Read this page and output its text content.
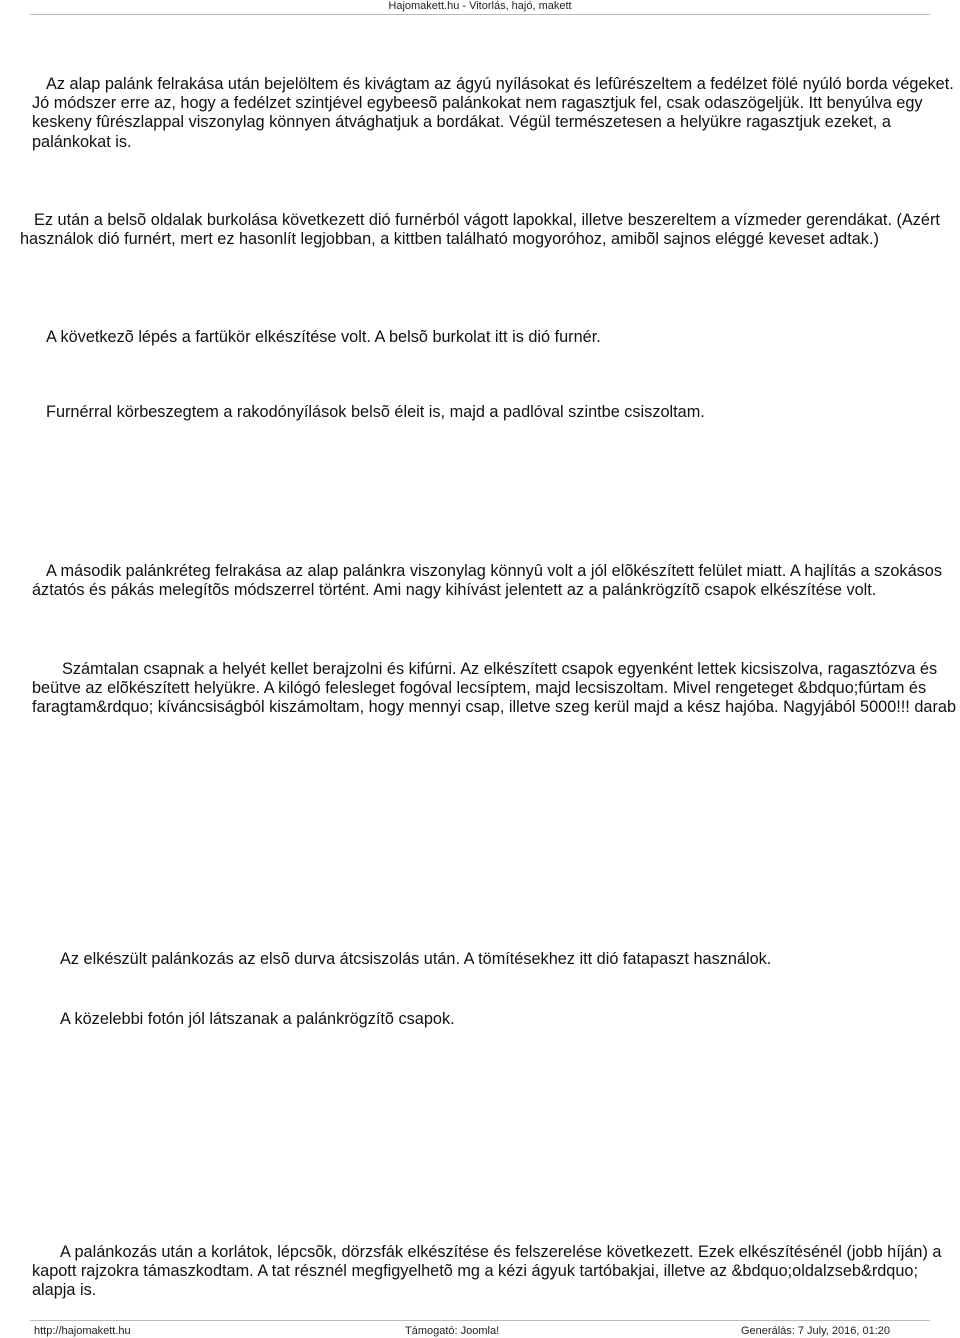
Hajomakett.hu - Vitorlás, hajó, makett

Az alap palánk felrakása után bejelöltem és kivágtam az ágyú nyílásokat és lefûrészeltem a fedélzet fölé nyúló borda végeket. Jó módszer erre az, hogy a fedélzet szintjével egybeesõ palánkokat nem ragasztjuk fel, csak odaszögeljük. Itt benyúlva egy keskeny fûrészlappal viszonylag könnyen átvághatjuk a bordákat. Végül természetesen a helyükre ragasztjuk ezeket, a palánkokat is.

Ez után a belsõ oldalak burkolása következett dió furnérból vágott lapokkal, illetve beszereltem a vízmeder gerendákat. (Azért használok dió furnért, mert ez hasonlít legjobban, a kittben található mogyoróhoz, amibõl sajnos eléggé keveset adtak.)

A következõ lépés a fartükör elkészítése volt. A belsõ burkolat itt is dió furnér.

Furnérral körbeszegtem a rakodónyílások belsõ éleit is, majd a padlóval szintbe csiszoltam.

A második palánkréteg felrakása az alap palánkra viszonylag könnyû volt a jól elõkészített felület miatt. A hajlítás a szokásos áztatós és pákás melegítõs módszerrel történt. Ami nagy kihívást jelentett az a palánkrögzítõ csapok elkészítése volt.

Számtalan csapnak a helyét kellet berajzolni és kifúrni. Az elkészített csapok egyenként lettek kicsiszolva, ragasztózva és beütve az elõkészített helyükre. A kilógó felesleget fogóval lecsíptem, majd lecsiszoltam. Mivel rengeteget &bdquo;fúrtam és faragtam&rdquo; kíváncsiságból kiszámoltam, hogy mennyi csap, illetve szeg kerül majd a kész hajóba. Nagyjából 5000!!! darab

Az elkészült palánkozás az elsõ durva átcsiszolás után. A tömítésekhez itt dió fatapaszt használok.

A közelebbi fotón jól látszanak a palánkrögzítõ csapok.

A palánkozás után a korlátok, lépcsõk, dörzsfák elkészítése és felszerelése következett. Ezek elkészítésénél (jobb híján) a kapott rajzokra támaszkodtam. A tat résznél megfigyelhetõ mg a kézi ágyuk tartóbakjai, illetve az &bdquo;oldalzseb&rdquo; alapja is.

http://hajomakett.hu	Támogató: Joomla!	Generálás: 7 July, 2016, 01:20
